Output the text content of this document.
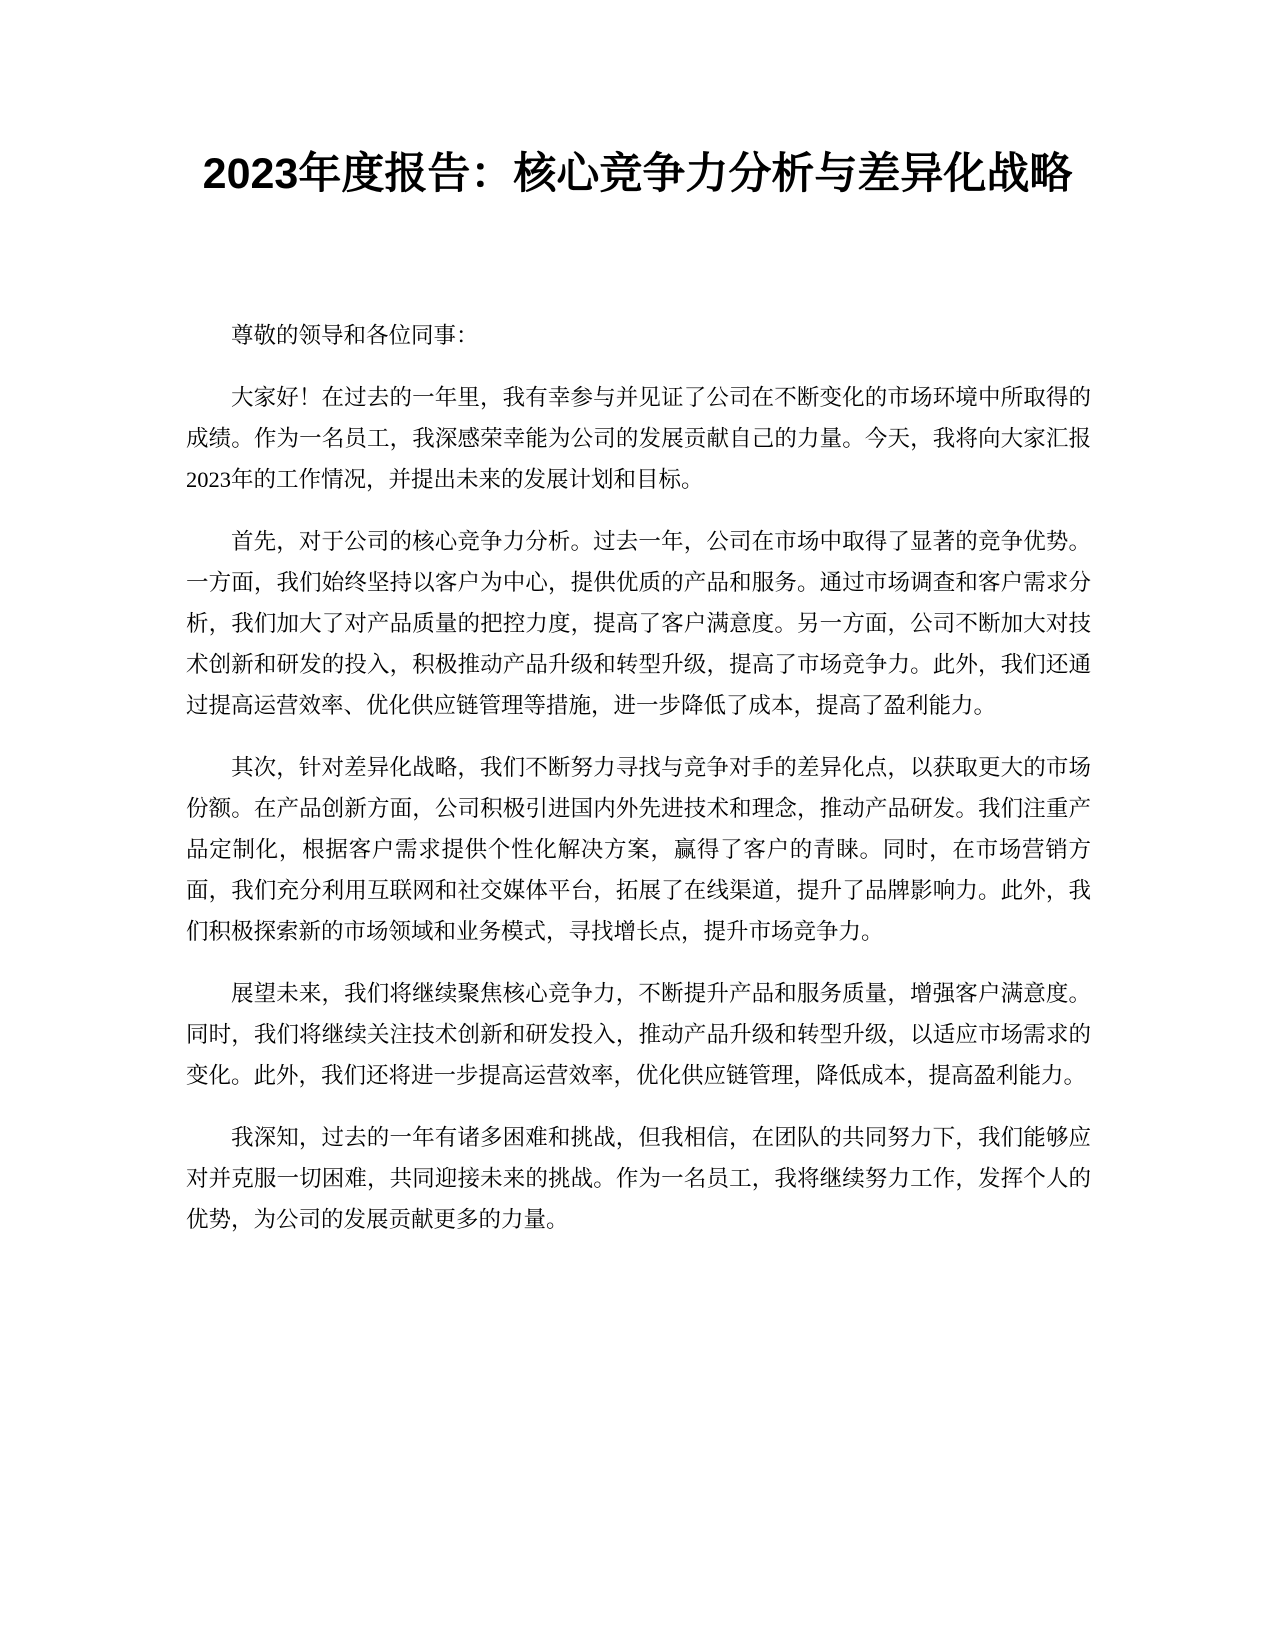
2023年度报告：核心竞争力分析与差异化战略

尊敬的领导和各位同事：

大家好！在过去的一年里，我有幸参与并见证了公司在不断变化的市场环境中所取得的成绩。作为一名员工，我深感荣幸能为公司的发展贡献自己的力量。今天，我将向大家汇报2023年的工作情况，并提出未来的发展计划和目标。

首先，对于公司的核心竞争力分析。过去一年，公司在市场中取得了显著的竞争优势。一方面，我们始终坚持以客户为中心，提供优质的产品和服务。通过市场调查和客户需求分析，我们加大了对产品质量的把控力度，提高了客户满意度。另一方面，公司不断加大对技术创新和研发的投入，积极推动产品升级和转型升级，提高了市场竞争力。此外，我们还通过提高运营效率、优化供应链管理等措施，进一步降低了成本，提高了盈利能力。

其次，针对差异化战略，我们不断努力寻找与竞争对手的差异化点，以获取更大的市场份额。在产品创新方面，公司积极引进国内外先进技术和理念，推动产品研发。我们注重产品定制化，根据客户需求提供个性化解决方案，赢得了客户的青睐。同时，在市场营销方面，我们充分利用互联网和社交媒体平台，拓展了在线渠道，提升了品牌影响力。此外，我们积极探索新的市场领域和业务模式，寻找增长点，提升市场竞争力。

展望未来，我们将继续聚焦核心竞争力，不断提升产品和服务质量，增强客户满意度。同时，我们将继续关注技术创新和研发投入，推动产品升级和转型升级，以适应市场需求的变化。此外，我们还将进一步提高运营效率，优化供应链管理，降低成本，提高盈利能力。

我深知，过去的一年有诸多困难和挑战，但我相信，在团队的共同努力下，我们能够应对并克服一切困难，共同迎接未来的挑战。作为一名员工，我将继续努力工作，发挥个人的优势，为公司的发展贡献更多的力量。
